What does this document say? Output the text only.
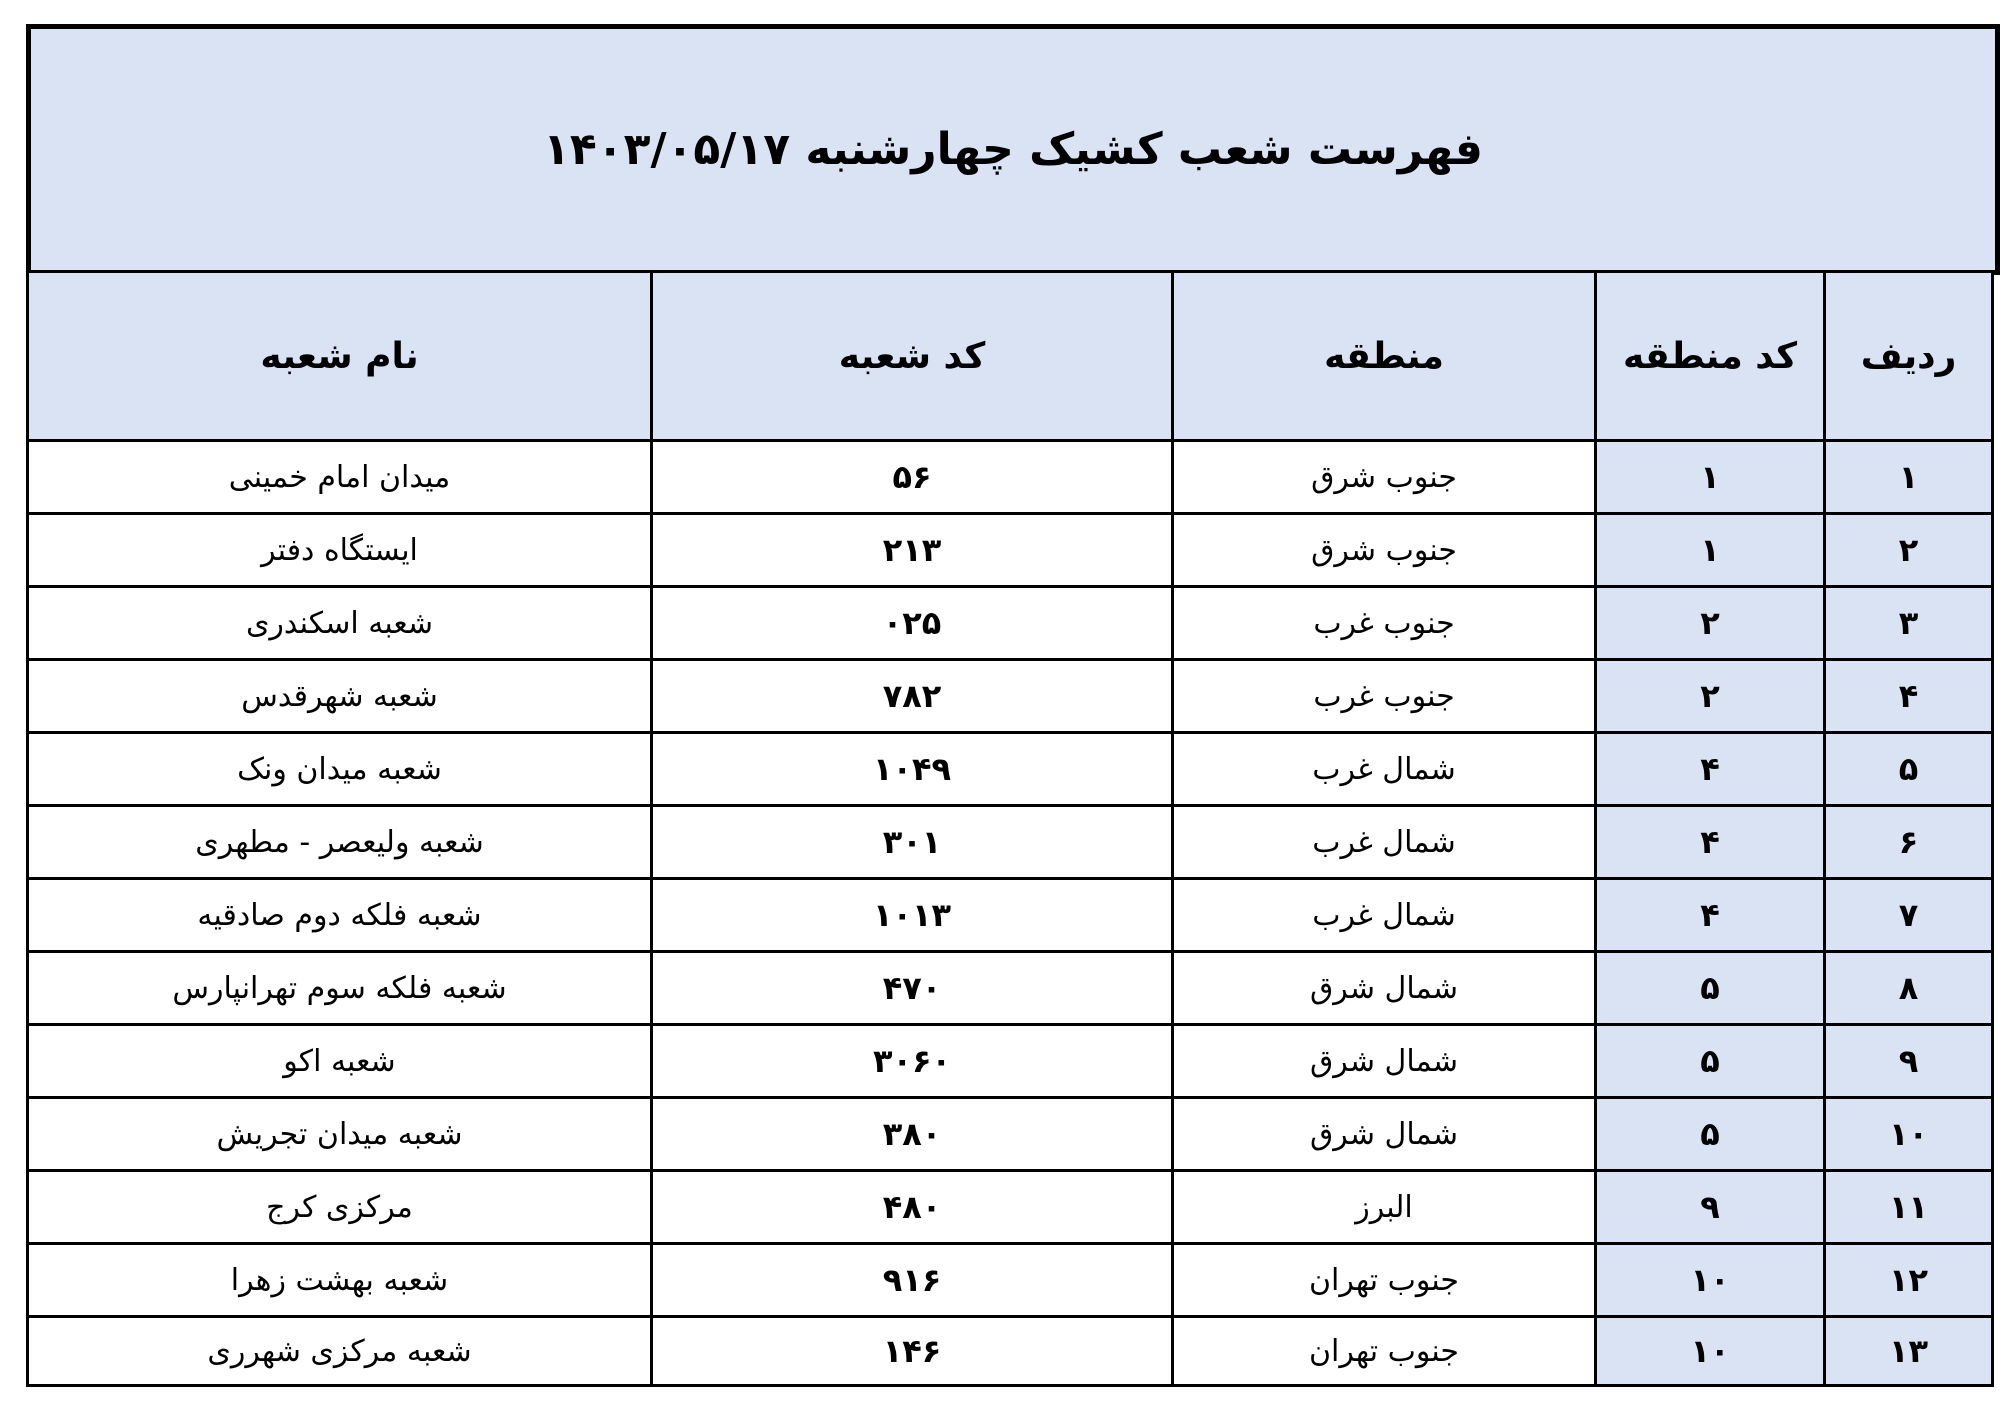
فهرست شعب کشیک چهارشنبه ۱۴۰۳/۰۵/۱۷
ردیف	کد منطقه	منطقه	کد شعبه	نام شعبه
۱	۱	جنوب شرق	۵۶	میدان امام خمینی
۲	۱	جنوب شرق	۲۱۳	ایستگاه دفتر
۳	۲	جنوب غرب	۰۲۵	شعبه اسکندری
۴	۲	جنوب غرب	۷۸۲	شعبه شهرقدس
۵	۴	شمال غرب	۱۰۴۹	شعبه میدان ونک
۶	۴	شمال غرب	۳۰۱	شعبه ولیعصر - مطهری
۷	۴	شمال غرب	۱۰۱۳	شعبه فلکه دوم صادقیه
۸	۵	شمال شرق	۴۷۰	شعبه فلکه سوم تهرانپارس
۹	۵	شمال شرق	۳۰۶۰	شعبه اکو
۱۰	۵	شمال شرق	۳۸۰	شعبه میدان تجریش
۱۱	۹	البرز	۴۸۰	مرکزی کرج
۱۲	۱۰	جنوب تهران	۹۱۶	شعبه بهشت زهرا
۱۳	۱۰	جنوب تهران	۱۴۶	شعبه مرکزی شهرری
